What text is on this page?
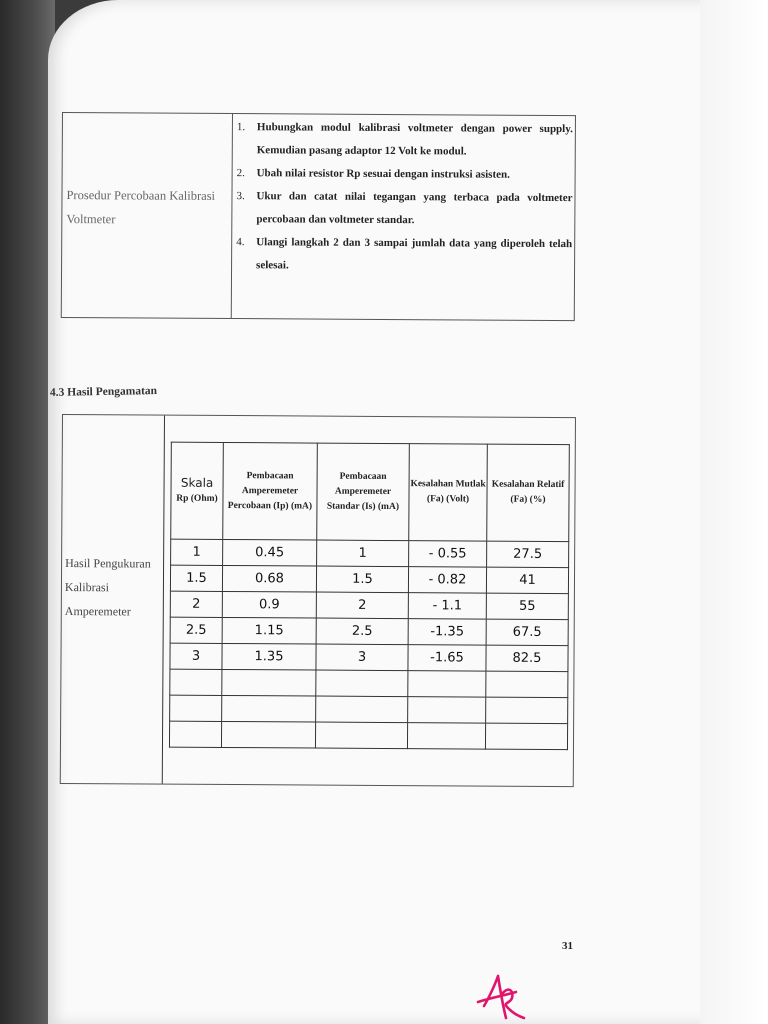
Prosedur Percobaan Kalibrasi
Voltmeter
1. Hubungkan modul kalibrasi voltmeter dengan power supply. Kemudian pasang adaptor 12 Volt ke modul.
2. Ubah nilai resistor Rp sesuai dengan instruksi asisten.
3. Ukur dan catat nilai tegangan yang terbaca pada voltmeter percobaan dan voltmeter standar.
4. Ulangi langkah 2 dan 3 sampai jumlah data yang diperoleh telah selesai.
4.3 Hasil Pengamatan
Hasil Pengukuran
Kalibrasi
Amperemeter
Skala
Rp (Ohm)	Pembacaan Amperemeter Percobaan (Ip) (mA)	Pembacaan Amperemeter Standar (Is) (mA)	Kesalahan Mutlak (Fa) (Volt)	Kesalahan Relatif (Fa) (%)
1	0.45	1	- 0.55	27.5
1.5	0.68	1.5	- 0.82	41
2	0.9	2	- 1.1	55
2.5	1.15	2.5	-1.35	67.5
3	1.35	3	-1.65	82.5

31
